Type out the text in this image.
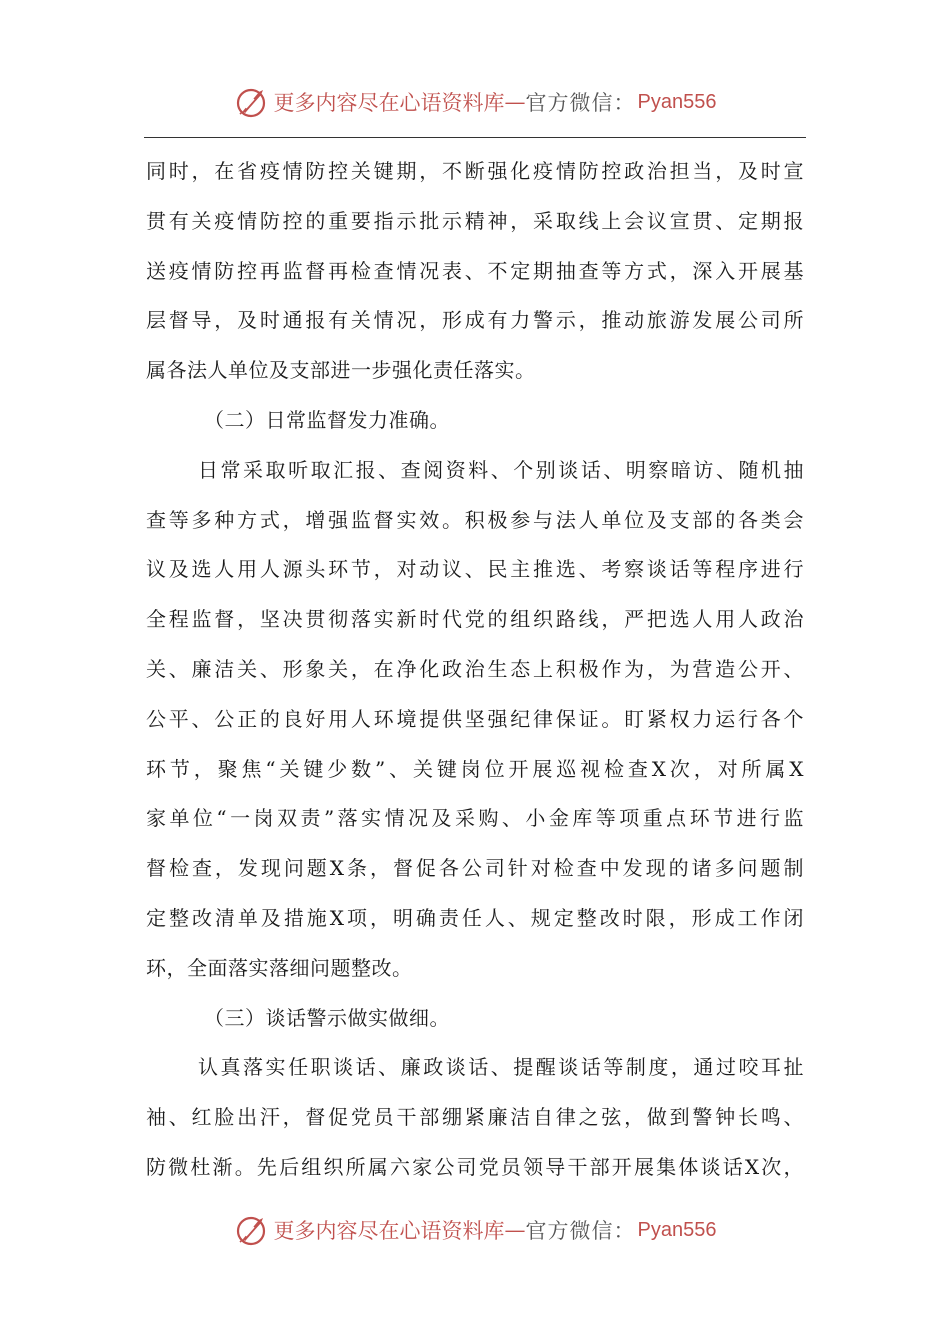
更多内容尽在心语资料库 — 官方微信： Pyan556
同时，在省疫情防控关键期，不断强化疫情防控政治担当，及时宣
贯有关疫情防控的重要指示批示精神，采取线上会议宣贯、定期报
送疫情防控再监督再检查情况表、不定期抽查等方式，深入开展基
层督导，及时通报有关情况，形成有力警示，推动旅游发展公司所
属各法人单位及支部进一步强化责任落实。
（二）日常监督发力准确。
日常采取听取汇报、查阅资料、个别谈话、明察暗访、随机抽
查等多种方式，增强监督实效。积极参与法人单位及支部的各类会
议及选人用人源头环节，对动议、民主推选、考察谈话等程序进行
全程监督，坚决贯彻落实新时代党的组织路线，严把选人用人政治
关、廉洁关、形象关，在净化政治生态上积极作为，为营造公开、
公平、公正的良好用人环境提供坚强纪律保证。盯紧权力运行各个
环节，聚焦“关键少数”、关键岗位开展巡视检查X次，对所属X
家单位“一岗双责”落实情况及采购、小金库等项重点环节进行监
督检查，发现问题X条，督促各公司针对检查中发现的诸多问题制
定整改清单及措施X项，明确责任人、规定整改时限，形成工作闭
环，全面落实落细问题整改。
（三）谈话警示做实做细。
认真落实任职谈话、廉政谈话、提醒谈话等制度，通过咬耳扯
袖、红脸出汗，督促党员干部绷紧廉洁自律之弦，做到警钟长鸣、
防微杜渐。先后组织所属六家公司党员领导干部开展集体谈话X次，
更多内容尽在心语资料库 — 官方微信： Pyan556
